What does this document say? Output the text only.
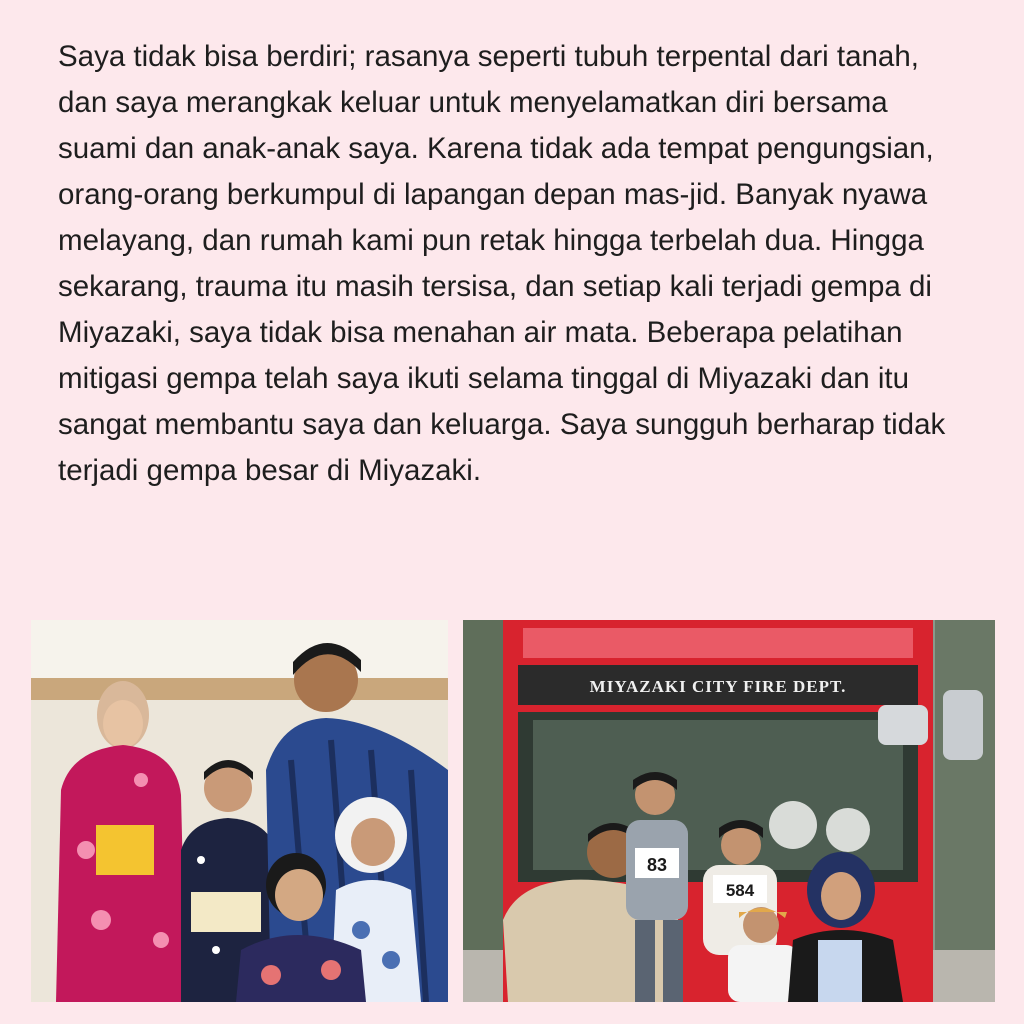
Saya tidak bisa berdiri; rasanya seperti tubuh terpental dari tanah, dan saya merangkak keluar untuk menyelamatkan diri bersama suami dan anak-anak saya. Karena tidak ada tempat pengungsian, orang-orang berkumpul di lapangan depan mas-jid. Banyak nyawa melayang, dan rumah kami pun retak hingga terbelah dua. Hingga sekarang, trauma itu masih tersisa, dan setiap kali terjadi gempa di Miyazaki, saya tidak bisa menahan air mata. Beberapa pelatihan mitigasi gempa telah saya ikuti selama tinggal di Miyazaki dan itu sangat membantu saya dan keluarga. Saya sungguh berharap tidak terjadi gempa besar di Miyazaki.

MIYAZAKI CITY FIRE DEPT.
83
584
